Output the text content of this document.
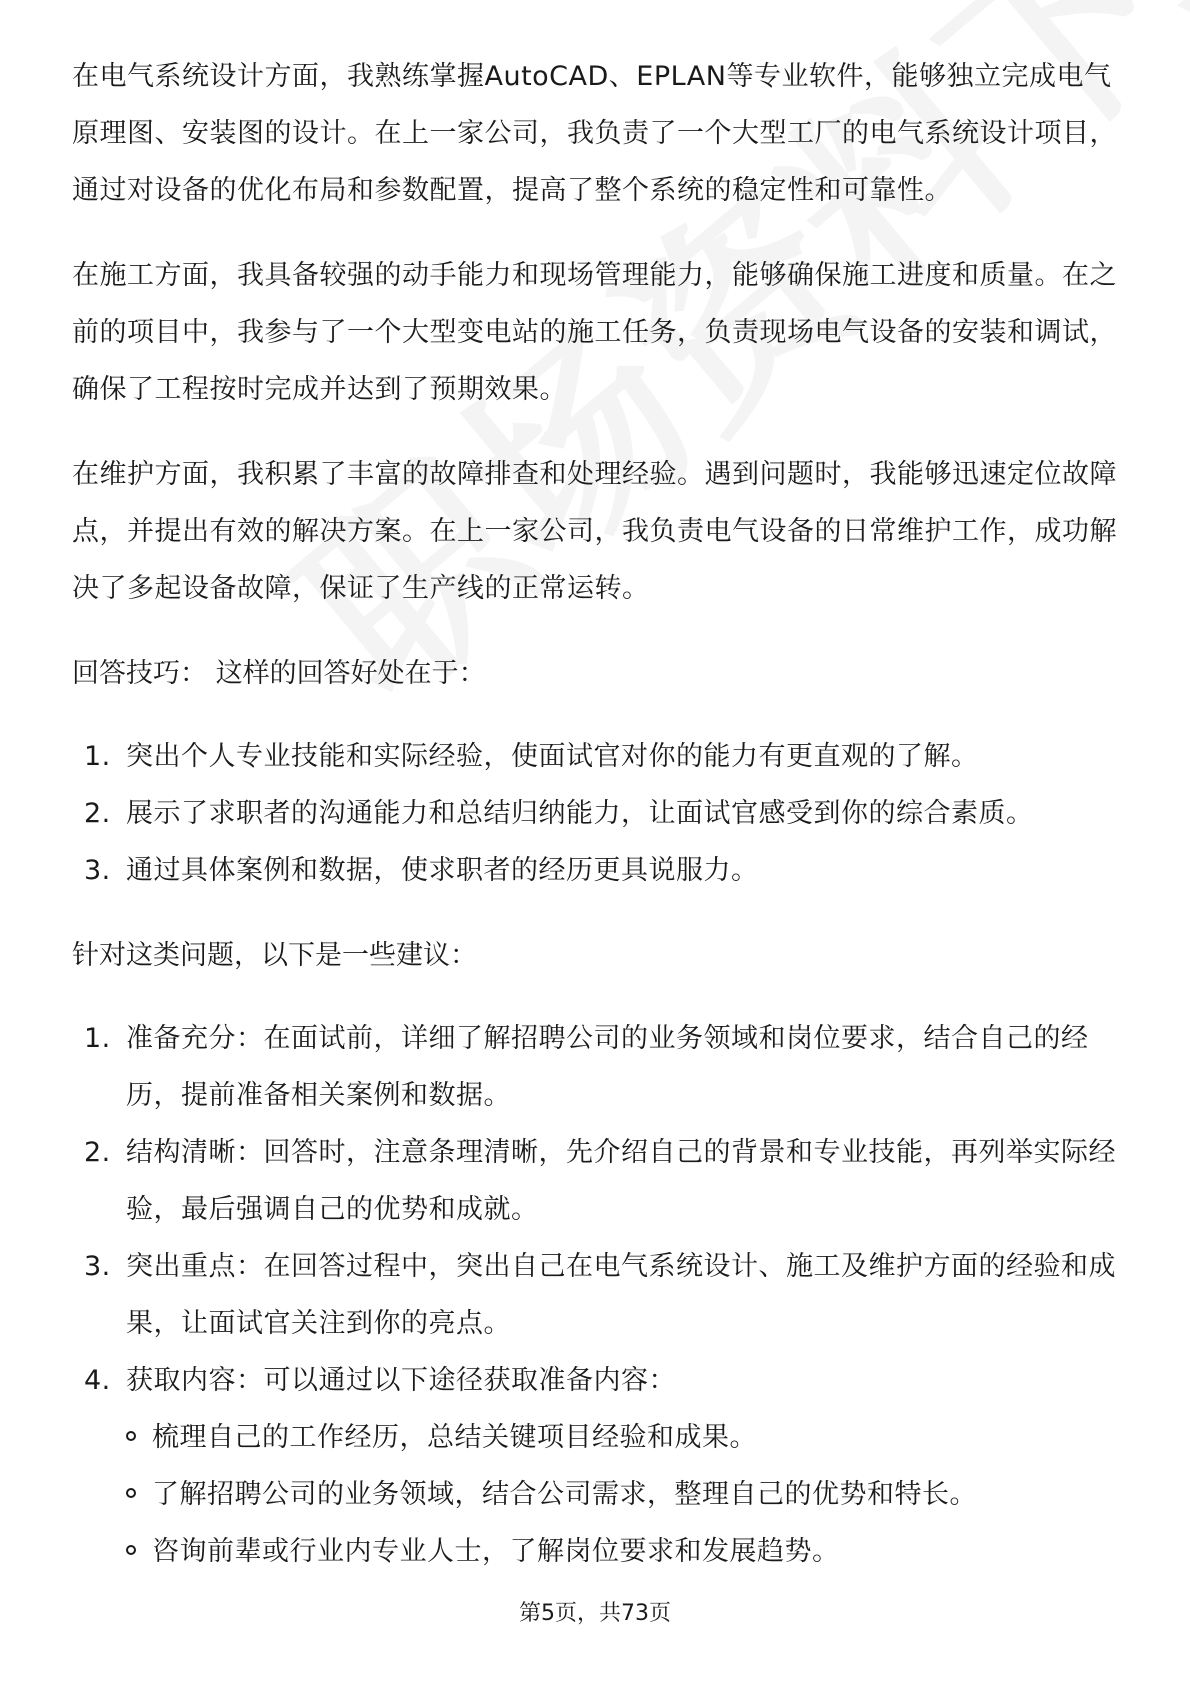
在电气系统设计方面，我熟练掌握AutoCAD、EPLAN等专业软件，能够独立完成电气原理图、安装图的设计。在上一家公司，我负责了一个大型工厂的电气系统设计项目，通过对设备的优化布局和参数配置，提高了整个系统的稳定性和可靠性。

在施工方面，我具备较强的动手能力和现场管理能力，能够确保施工进度和质量。在之前的项目中，我参与了一个大型变电站的施工任务，负责现场电气设备的安装和调试，确保了工程按时完成并达到了预期效果。

在维护方面，我积累了丰富的故障排查和处理经验。遇到问题时，我能够迅速定位故障点，并提出有效的解决方案。在上一家公司，我负责电气设备的日常维护工作，成功解决了多起设备故障，保证了生产线的正常运转。

回答技巧： 这样的回答好处在于：

1. 突出个人专业技能和实际经验，使面试官对你的能力有更直观的了解。
2. 展示了求职者的沟通能力和总结归纳能力，让面试官感受到你的综合素质。
3. 通过具体案例和数据，使求职者的经历更具说服力。

针对这类问题，以下是一些建议：

1. 准备充分：在面试前，详细了解招聘公司的业务领域和岗位要求，结合自己的经历，提前准备相关案例和数据。
2. 结构清晰：回答时，注意条理清晰，先介绍自己的背景和专业技能，再列举实际经验，最后强调自己的优势和成就。
3. 突出重点：在回答过程中，突出自己在电气系统设计、施工及维护方面的经验和成果，让面试官关注到你的亮点。
4. 获取内容：可以通过以下途径获取准备内容：
梳理自己的工作经历，总结关键项目经验和成果。
了解招聘公司的业务领域，结合公司需求，整理自己的优势和特长。
咨询前辈或行业内专业人士，了解岗位要求和发展趋势。
第5页，共73页
